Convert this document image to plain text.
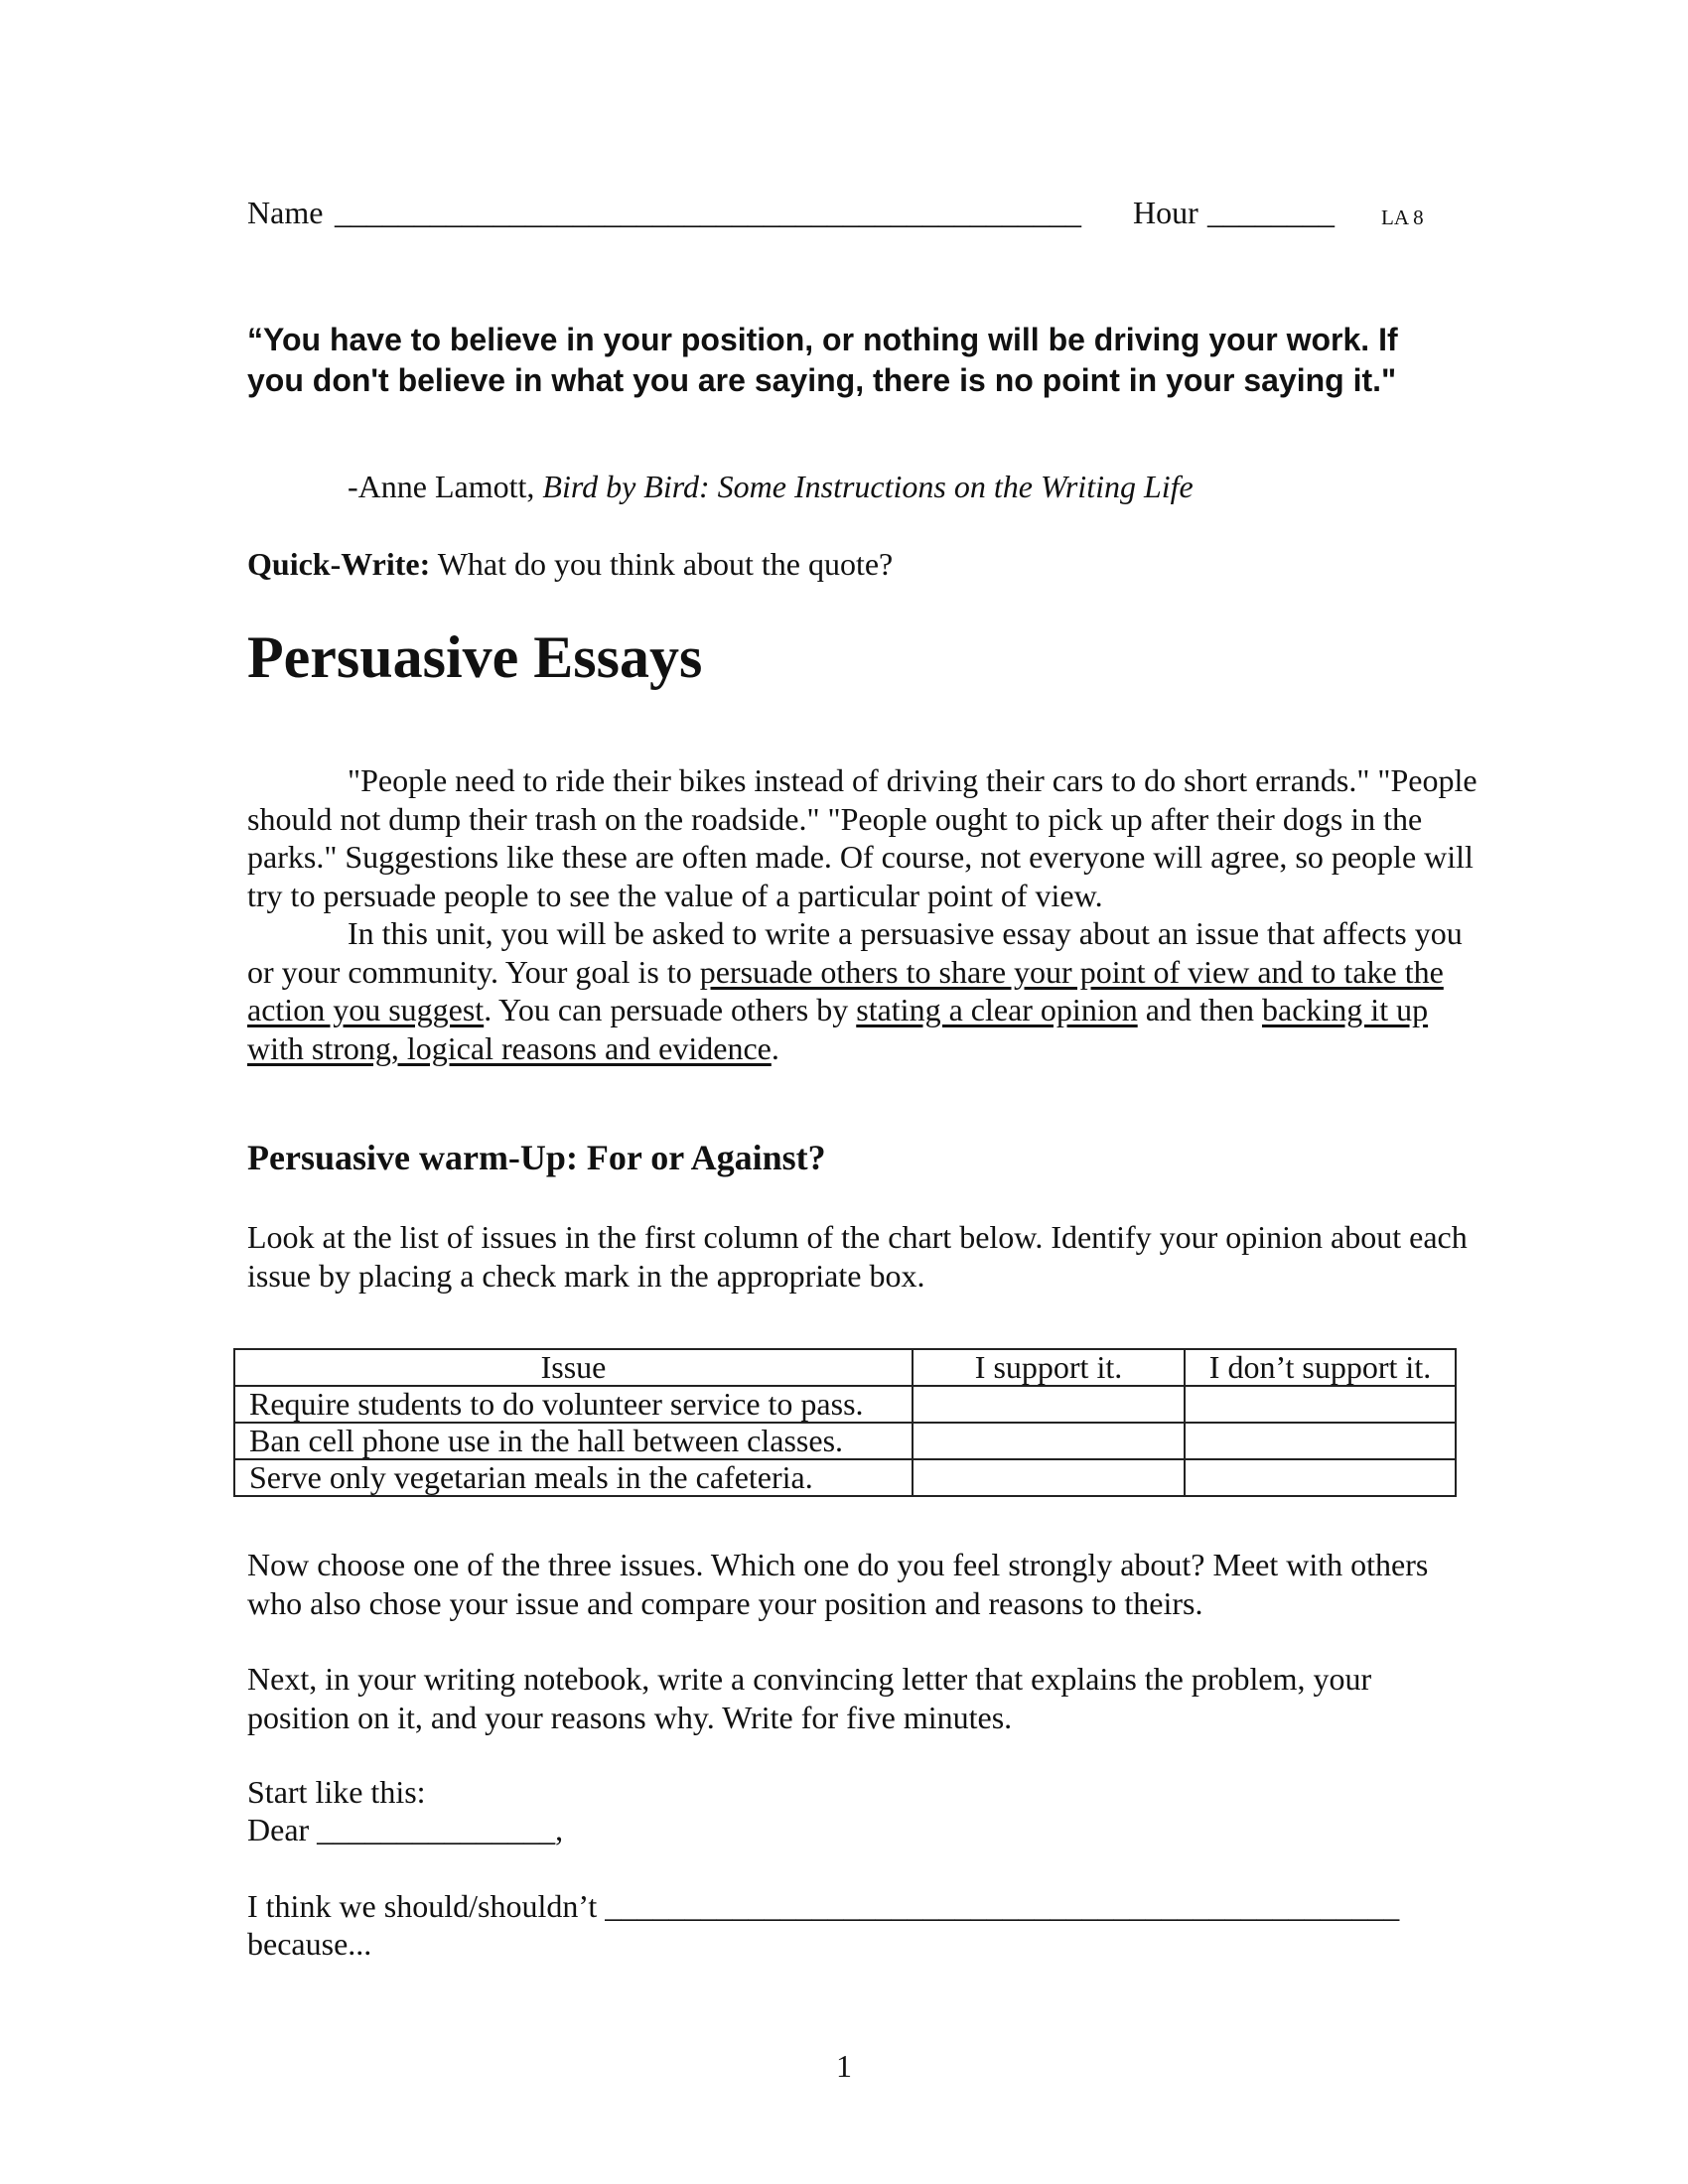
Name _______________________________________________ Hour ________ LA 8
“You have to believe in your position, or nothing will be driving your work. If you don't believe in what you are saying, there is no point in your saying it."
-Anne Lamott, Bird by Bird: Some Instructions on the Writing Life
Quick-Write: What do you think about the quote?
Persuasive Essays

"People need to ride their bikes instead of driving their cars to do short errands." "People should not dump their trash on the roadside." "People ought to pick up after their dogs in the parks." Suggestions like these are often made. Of course, not everyone will agree, so people will try to persuade people to see the value of a particular point of view.

In this unit, you will be asked to write a persuasive essay about an issue that affects you or your community. Your goal is to persuade others to share your point of view and to take the action you suggest. You can persuade others by stating a clear opinion and then backing it up with strong, logical reasons and evidence.

Persuasive warm-Up: For or Against?
Look at the list of issues in the first column of the chart below. Identify your opinion about each issue by placing a check mark in the appropriate box.
Issue	I support it.	I don’t support it.
Require students to do volunteer service to pass.		
Ban cell phone use in the hall between classes.		
Serve only vegetarian meals in the cafeteria.		
Now choose one of the three issues. Which one do you feel strongly about? Meet with others who also chose your issue and compare your position and reasons to theirs.
Next, in your writing notebook, write a convincing letter that explains the problem, your position on it, and your reasons why. Write for five minutes.
Start like this:
Dear _______________,
I think we should/shouldn’t __________________________________________________
because...
1
